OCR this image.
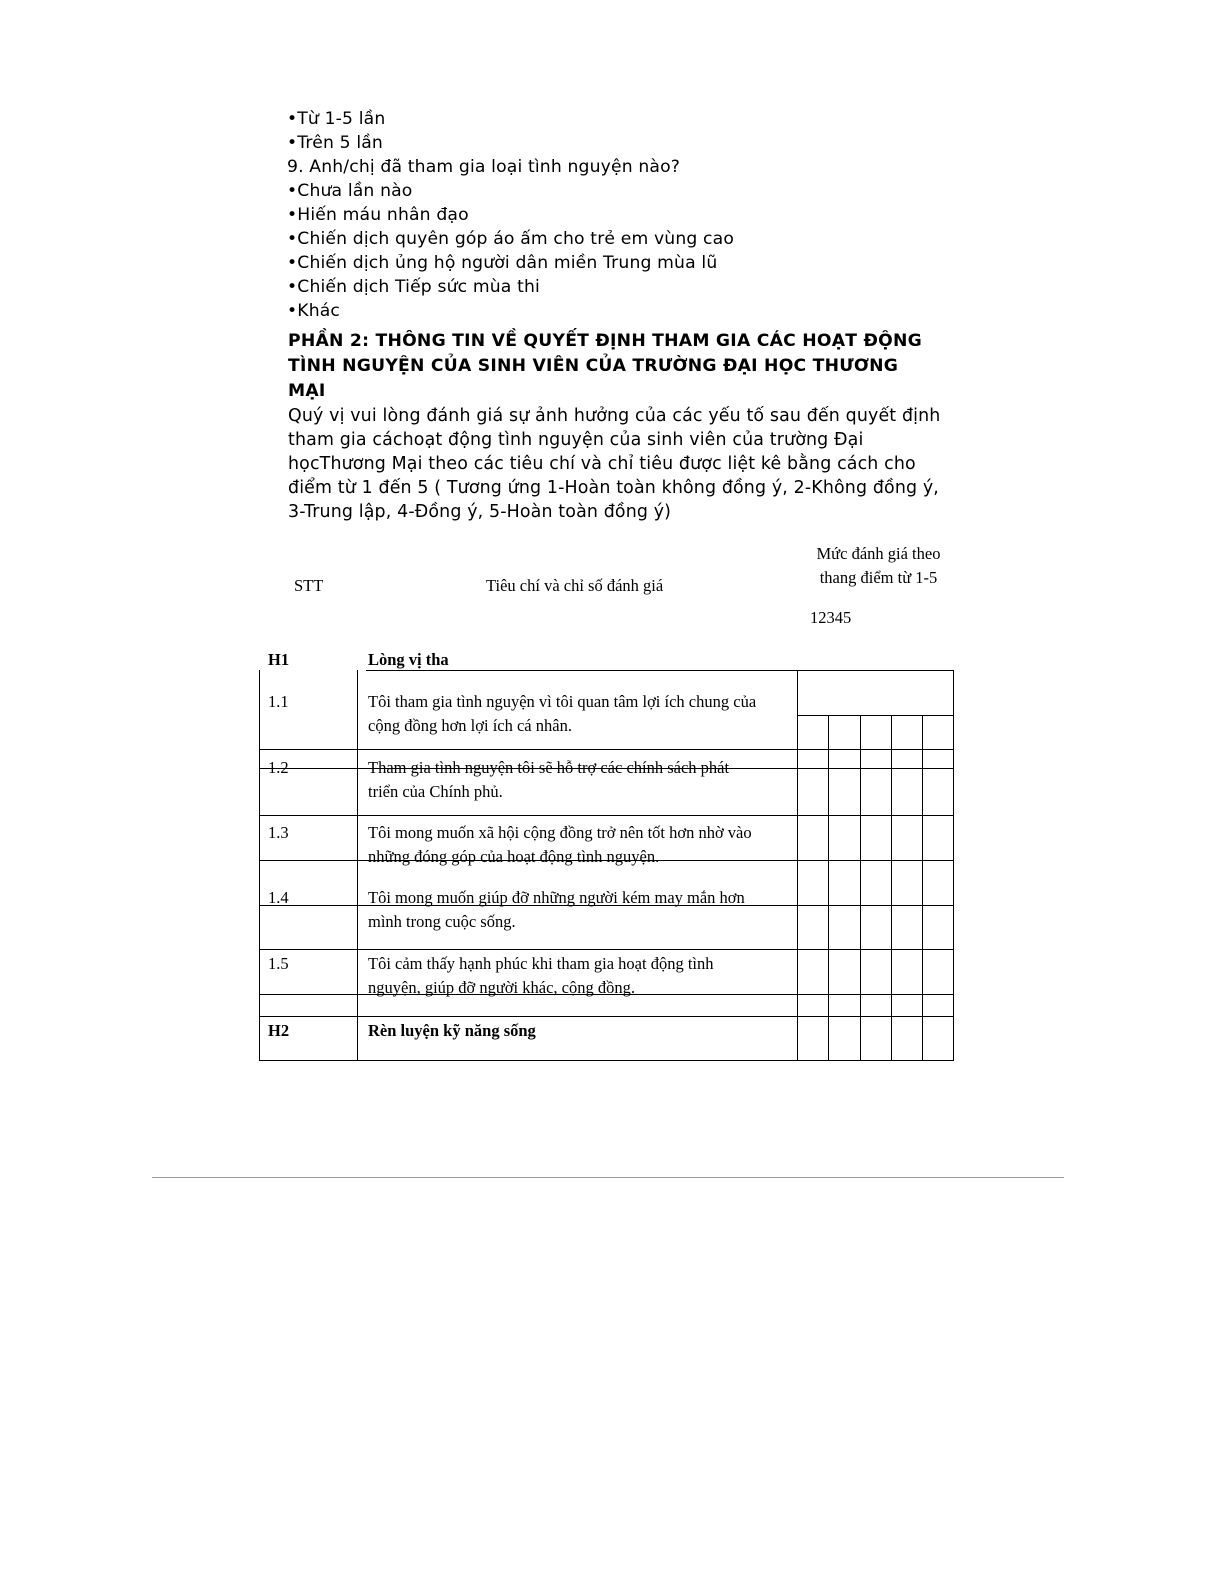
•Từ 1-5 lần
•Trên 5 lần
9. Anh/chị đã tham gia loại tình nguyện nào?
•Chưa lần nào
•Hiến máu nhân đạo
•Chiến dịch quyên góp áo ấm cho trẻ em vùng cao
•Chiến dịch ủng hộ người dân miền Trung mùa lũ
•Chiến dịch Tiếp sức mùa thi
•Khác
PHẦN 2: THÔNG TIN VỀ QUYẾT ĐỊNH THAM GIA CÁC HOẠT ĐỘNG
TÌNH NGUYỆN CỦA SINH VIÊN CỦA TRƯỜNG ĐẠI HỌC THƯƠNG
MẠI
Quý vị vui lòng đánh giá sự ảnh hưởng của các yếu tố sau đến quyết định
tham gia cáchoạt động tình nguyện của sinh viên của trường Đại
họcThương Mại theo các tiêu chí và chỉ tiêu được liệt kê bằng cách cho
điểm từ 1 đến 5 ( Tương ứng 1-Hoàn toàn không đồng ý, 2-Không đồng ý,
3-Trung lập, 4-Đồng ý, 5-Hoàn toàn đồng ý)
STT	Tiêu chí và chỉ số đánh giá
Mức đánh giá theo
thang điểm từ 1-5
12345
H1	Lòng vị tha
1.1	Tôi tham gia tình nguyện vì tôi quan tâm lợi ích chung của
cộng đồng hơn lợi ích cá nhân.
1.2	Tham gia tình nguyện tôi sẽ hỗ trợ các chính sách phát
triển của Chính phủ.
1.3	Tôi mong muốn xã hội cộng đồng trở nên tốt hơn nhờ vào
những đóng góp của hoạt động tình nguyện.
1.4	Tôi mong muốn giúp đỡ những người kém may mắn hơn
mình trong cuộc sống.
1.5	Tôi cảm thấy hạnh phúc khi tham gia hoạt động tình
nguyện, giúp đỡ người khác, cộng đồng.
H2	Rèn luyện kỹ năng sống
